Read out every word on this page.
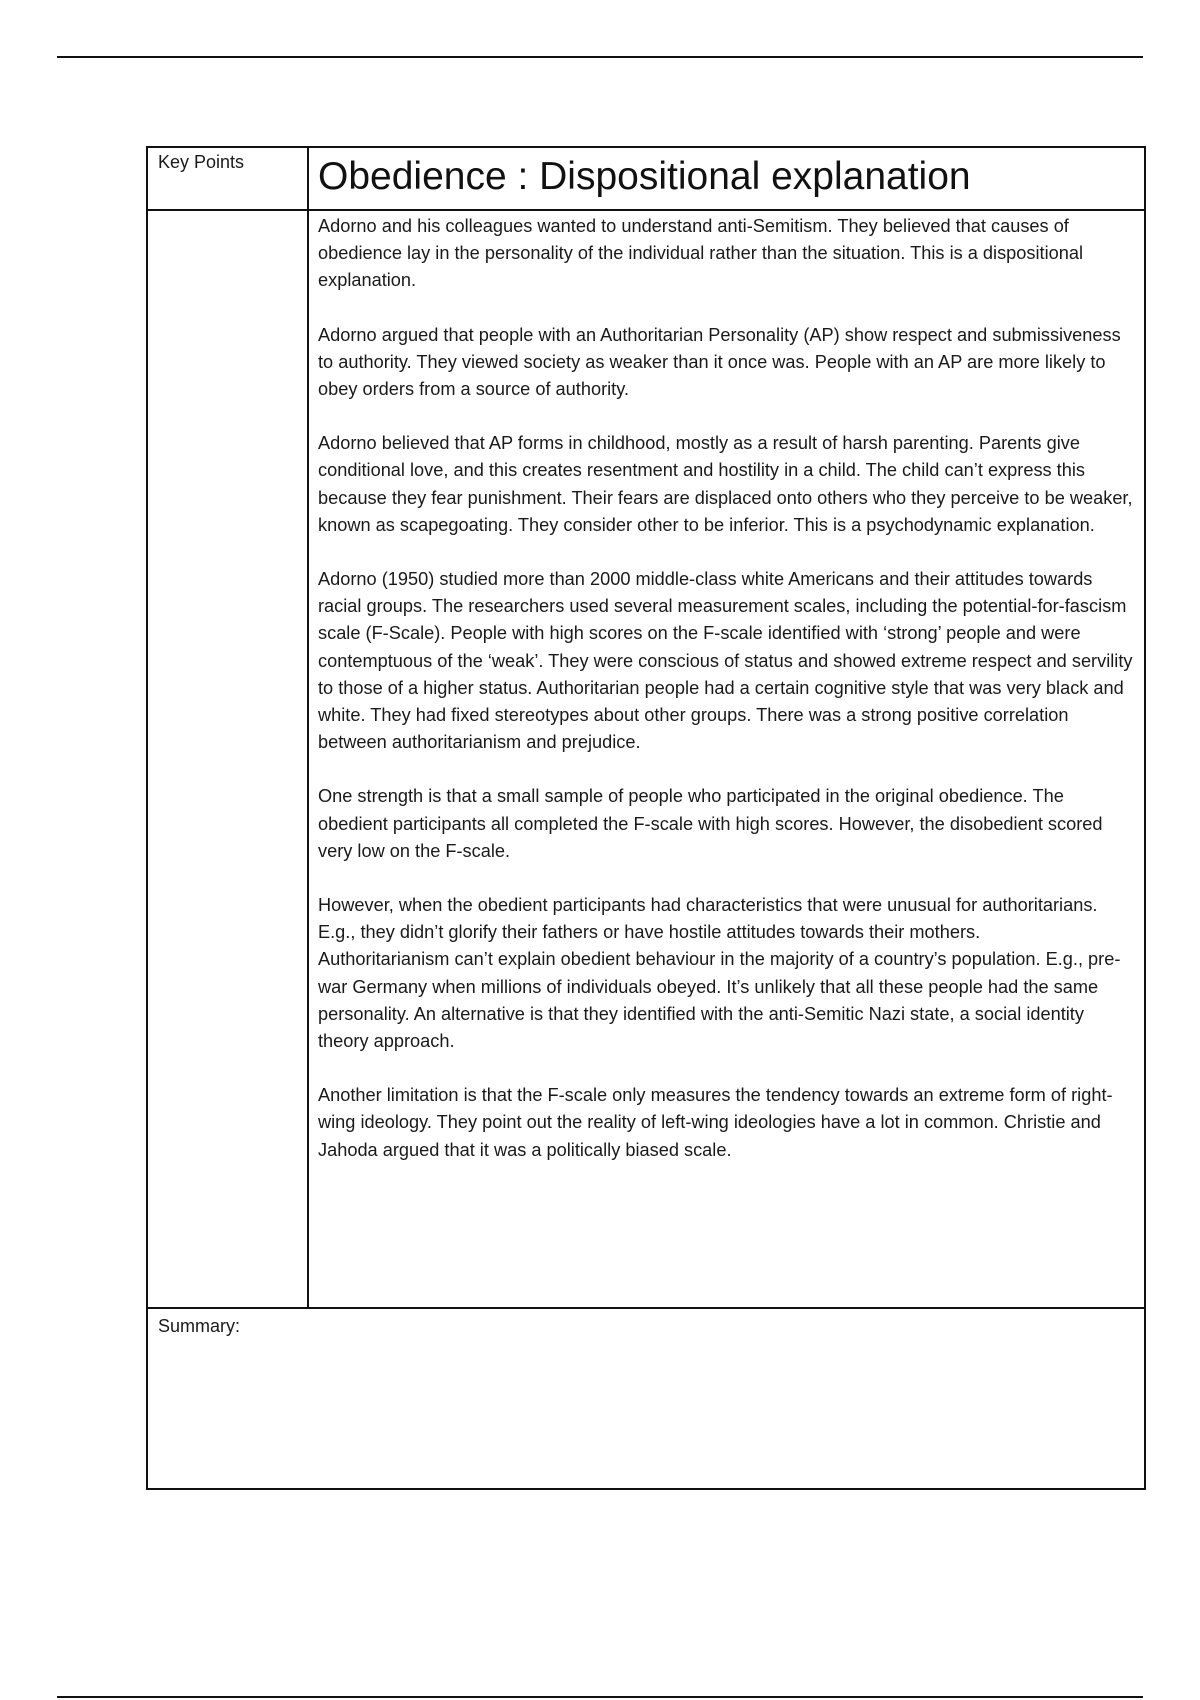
Key Points	Obedience : Dispositional explanation

Adorno and his colleagues wanted to understand anti-Semitism. They believed that causes of obedience lay in the personality of the individual rather than the situation. This is a dispositional explanation.

Adorno argued that people with an Authoritarian Personality (AP) show respect and submissiveness to authority. They viewed society as weaker than it once was. People with an AP are more likely to obey orders from a source of authority.

Adorno believed that AP forms in childhood, mostly as a result of harsh parenting. Parents give conditional love, and this creates resentment and hostility in a child. The child can’t express this because they fear punishment. Their fears are displaced onto others who they perceive to be weaker, known as scapegoating. They consider other to be inferior. This is a psychodynamic explanation.

Adorno (1950) studied more than 2000 middle-class white Americans and their attitudes towards racial groups. The researchers used several measurement scales, including the potential-for-fascism scale (F-Scale). People with high scores on the F-scale identified with ‘strong’ people and were contemptuous of the ‘weak’. They were conscious of status and showed extreme respect and servility to those of a higher status. Authoritarian people had a certain cognitive style that was very black and white. They had fixed stereotypes about other groups. There was a strong positive correlation between authoritarianism and prejudice.

One strength is that a small sample of people who participated in the original obedience. The obedient participants all completed the F-scale with high scores. However, the disobedient scored very low on the F-scale.

However, when the obedient participants had characteristics that were unusual for authoritarians. E.g., they didn’t glorify their fathers or have hostile attitudes towards their mothers.

Authoritarianism can’t explain obedient behaviour in the majority of a country’s population. E.g., pre-war Germany when millions of individuals obeyed. It’s unlikely that all these people had the same personality. An alternative is that they identified with the anti-Semitic Nazi state, a social identity theory approach.

Another limitation is that the F-scale only measures the tendency towards an extreme form of right-wing ideology. They point out the reality of left-wing ideologies have a lot in common. Christie and Jahoda argued that it was a politically biased scale.

Summary:
